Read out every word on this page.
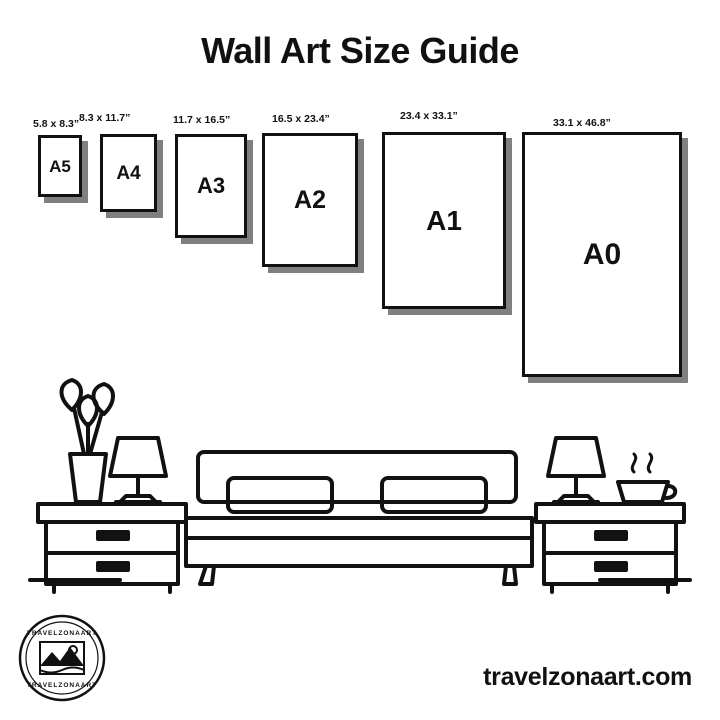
Wall Art Size Guide
5.8 x 8.3”
A5
8.3 x 11.7”
A4
11.7 x 16.5”
A3
16.5 x 23.4”
A2
23.4 x 33.1”
A1
33.1 x 46.8”
A0
travelzonaart.com
TRAVELZONAART
TRAVELZONAART
